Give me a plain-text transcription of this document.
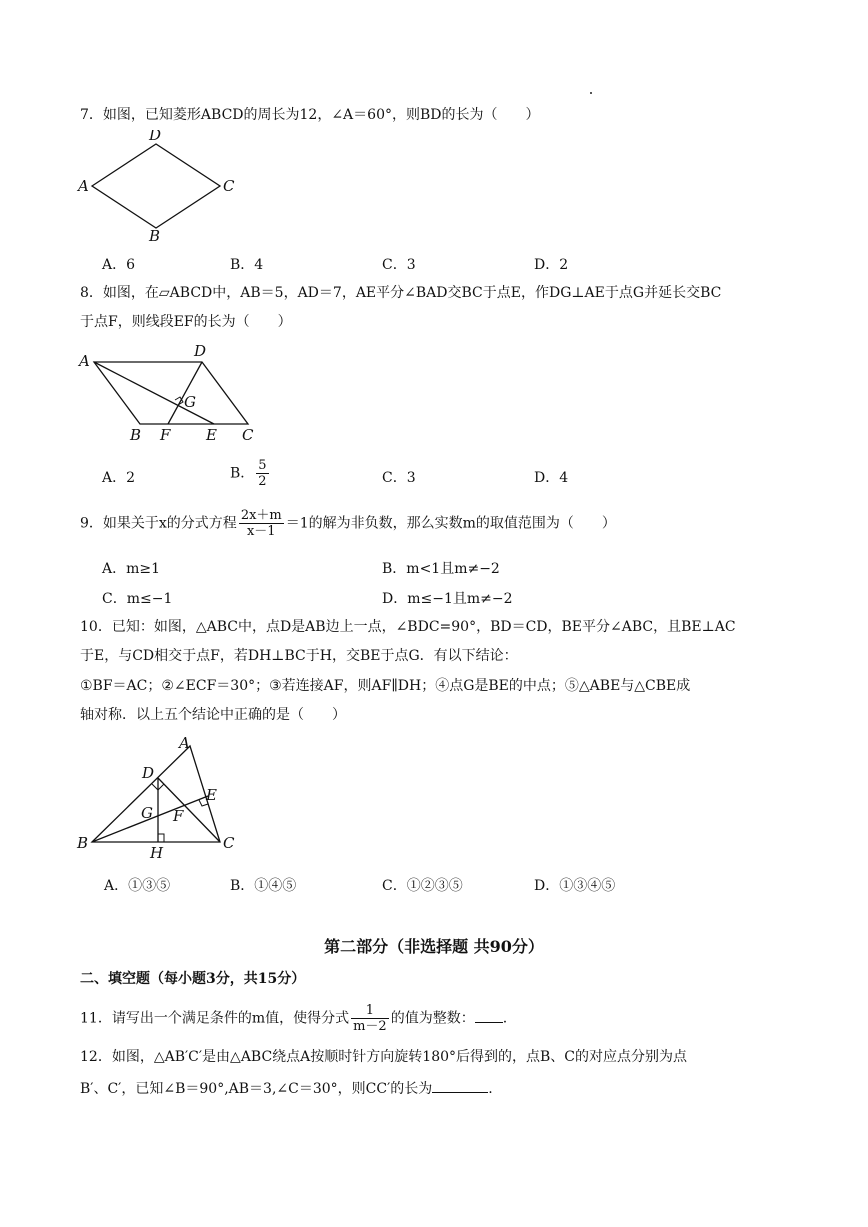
7．如图，已知菱形ABCD的周长为12，∠A＝60°，则BD的长为（　　）
A
D
C
B
A．6	B．4	C．3	D．2
8．如图，在▱ABCD中，AB＝5，AD＝7，AE平分∠BAD交BC于点E，作DG⊥AE于点G并延长交BC
于点F，则线段EF的长为（　　）
A
D
G
B F E C
A．2	B． $\frac{5}{2}$	C．3	D．4
9．如果关于x的分式方程 $\frac{2x+m}{x-1} =1$的解为非负数，那么实数m的取值范围为（　　）
A．m≥1	B．m<1且m≠−2
C．m≤−1	D．m≤−1且m≠−2
10．已知：如图，△ABC中，点D是AB边上一点，∠BDC=90°，BD＝CD，BE平分∠ABC，且BE⊥AC
于E，与CD相交于点F，若DH⊥BC于H，交BE于点G．有以下结论：
①BF＝AC；②∠ECF＝30°；③若连接AF，则AF∥DH；④点G是BE的中点；⑤△ABE与△CBE成
轴对称．以上五个结论中正确的是（　　）
A
D
E
G F
B	C
H
A．①③⑤	B．①④⑤	C．①②③⑤	D．①③④⑤
第二部分（非选择题 共90分）
二、填空题（每小题3分，共15分）
11．请写出一个满足条件的m值，使得分式 $\frac{1}{m-2}$ 的值为整数： .
12．如图，△AB′C′是由△ABC绕点A按顺时针方向旋转180°后得到的，点B、C的对应点分别为点
B′、C′，已知∠B＝90°,AB＝3,∠C＝30°，则CC′的长为	.
